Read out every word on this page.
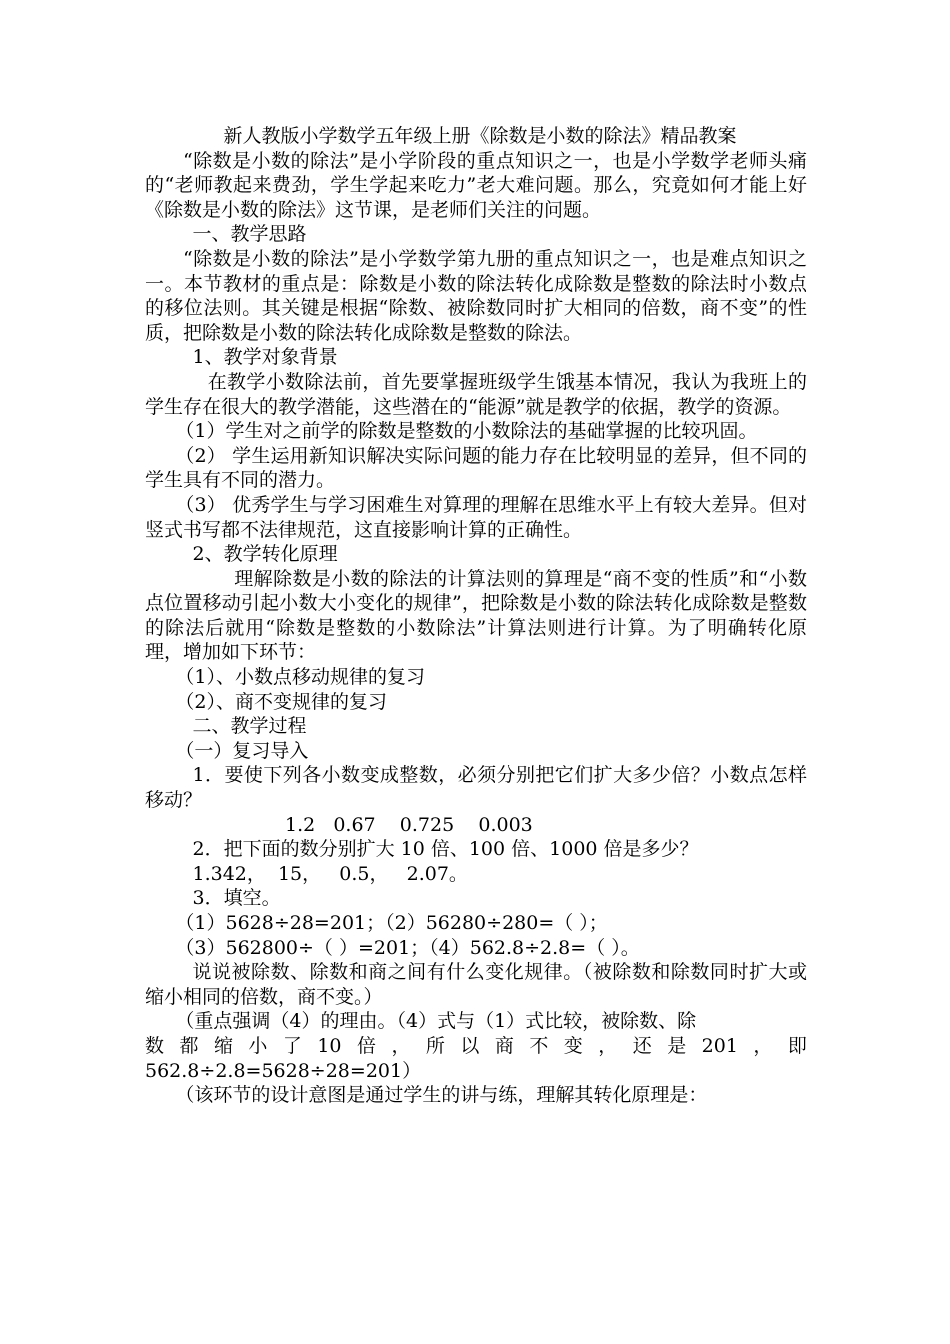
新人教版小学数学五年级上册《除数是小数的除法》精品教案

“除数是小数的除法”是小学阶段的重点知识之一，也是小学数学老师头痛的“老师教起来费劲，学生学起来吃力”老大难问题。那么，究竟如何才能上好《除数是小数的除法》这节课，是老师们关注的问题。

一、教学思路

“除数是小数的除法”是小学数学第九册的重点知识之一，也是难点知识之一。本节教材的重点是：除数是小数的除法转化成除数是整数的除法时小数点的移位法则。其关键是根据“除数、被除数同时扩大相同的倍数，商不变”的性质，把除数是小数的除法转化成除数是整数的除法。

1、教学对象背景

在教学小数除法前，首先要掌握班级学生饿基本情况，我认为我班上的学生存在很大的教学潜能，这些潜在的“能源”就是教学的依据，教学的资源。

（1）学生对之前学的除数是整数的小数除法的基础掌握的比较巩固。

（2） 学生运用新知识解决实际问题的能力存在比较明显的差异，但不同的学生具有不同的潜力。

（3） 优秀学生与学习困难生对算理的理解在思维水平上有较大差异。但对竖式书写都不法律规范，这直接影响计算的正确性。

2、教学转化原理

理解除数是小数的除法的计算法则的算理是“商不变的性质”和“小数点位置移动引起小数大小变化的规律”，把除数是小数的除法转化成除数是整数的除法后就用“除数是整数的小数除法”计算法则进行计算。为了明确转化原理，增加如下环节：

（1）、小数点移动规律的复习

（2）、商不变规律的复习

二、教学过程

（一）复习导入

1．要使下列各小数变成整数，必须分别把它们扩大多少倍？小数点怎样移动？

1.2   0.67    0.725    0.003

2．把下面的数分别扩大 10 倍、100 倍、1000 倍是多少？

1.342，  15，   0.5，   2.07。

3．填空。

（1）5628÷28=201；（2）56280÷280=（ ）；

（3）562800÷（ ）=201；（4）562.8÷2.8=（ ）。

说说被除数、除数和商之间有什么变化规律。（被除数和除数同时扩大或缩小相同的倍数，商不变。）

（重点强调（4）的理由。（4）式与（1）式比较，被除数、除

数 都 缩 小 了 10 倍 ， 所 以 商 不 变 ， 还 是 201 ， 即

562.8÷2.8=5628÷28=201）

（该环节的设计意图是通过学生的讲与练，理解其转化原理是：
